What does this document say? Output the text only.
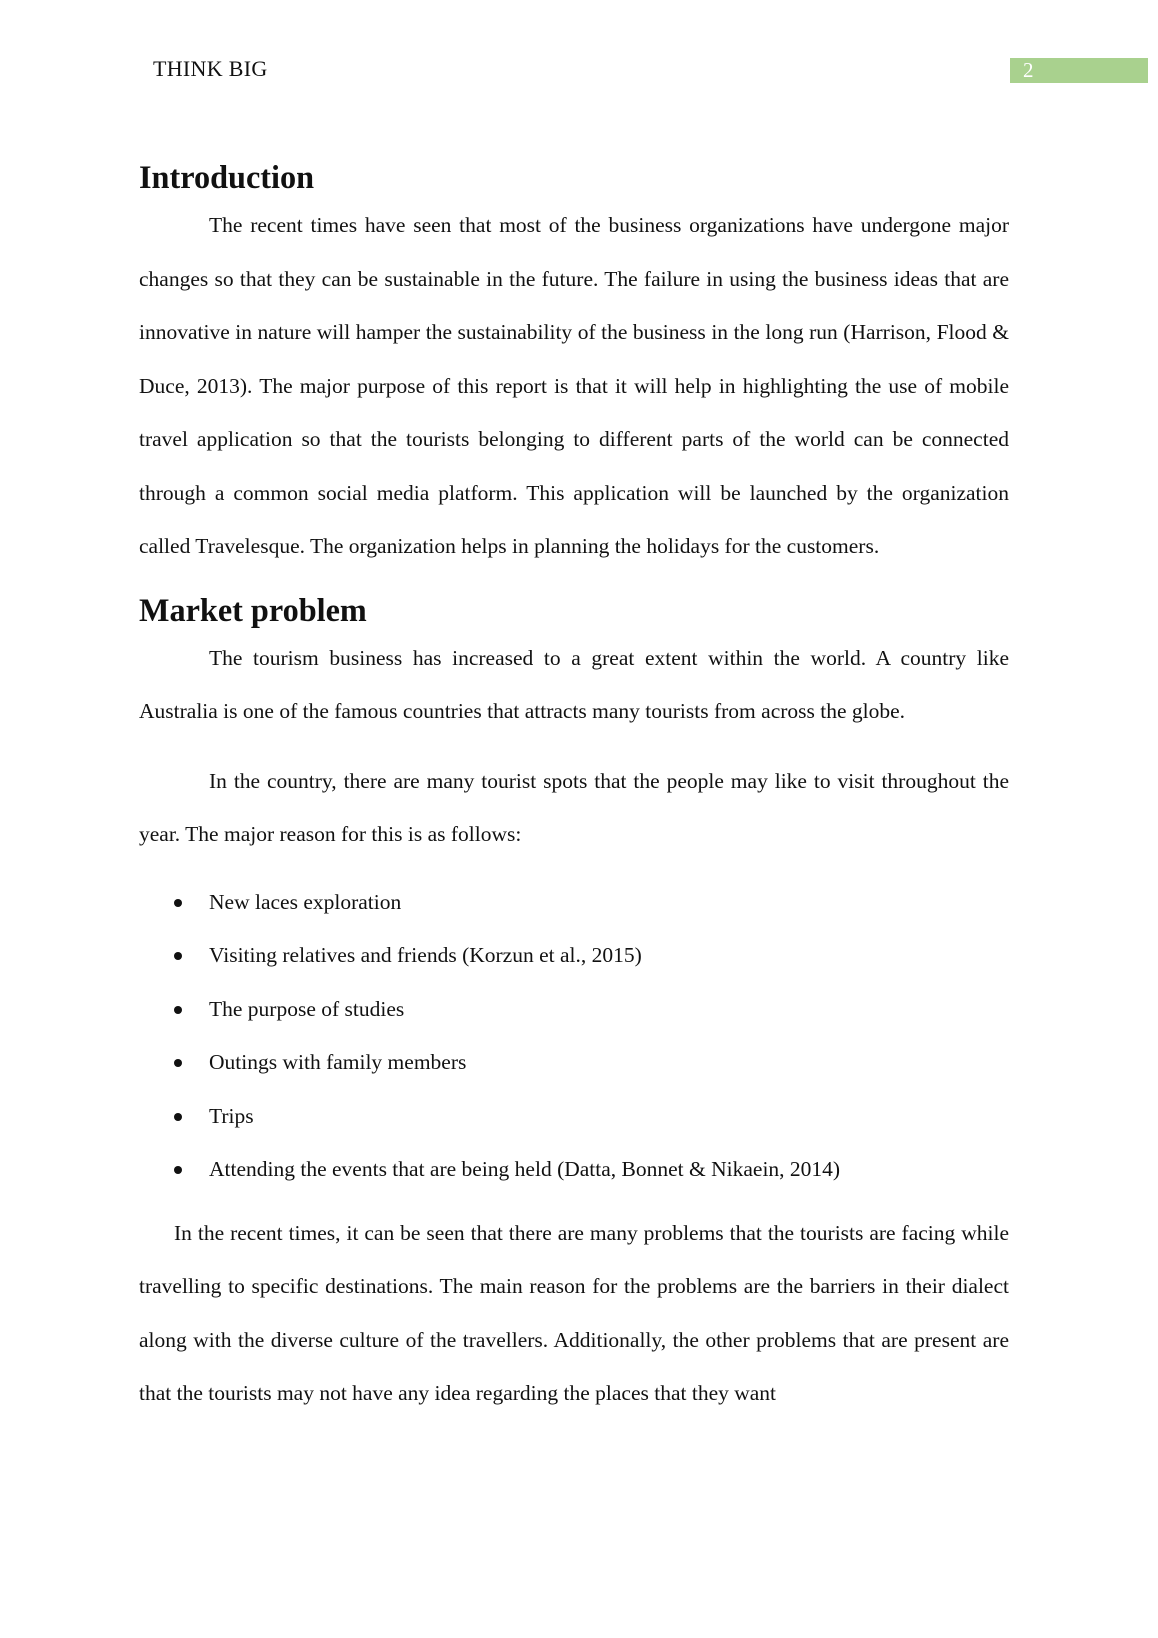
THINK BIG	2
Introduction

The recent times have seen that most of the business organizations have undergone major changes so that they can be sustainable in the future. The failure in using the business ideas that are innovative in nature will hamper the sustainability of the business in the long run (Harrison, Flood & Duce, 2013). The major purpose of this report is that it will help in highlighting the use of mobile travel application so that the tourists belonging to different parts of the world can be connected through a common social media platform. This application will be launched by the organization called Travelesque. The organization helps in planning the holidays for the customers.

Market problem

The tourism business has increased to a great extent within the world. A country like Australia is one of the famous countries that attracts many tourists from across the globe.

In the country, there are many tourist spots that the people may like to visit throughout the year. The major reason for this is as follows:

New laces exploration
Visiting relatives and friends (Korzun et al., 2015)
The purpose of studies
Outings with family members
Trips
Attending the events that are being held (Datta, Bonnet & Nikaein, 2014)

In the recent times, it can be seen that there are many problems that the tourists are facing while travelling to specific destinations. The main reason for the problems are the barriers in their dialect along with the diverse culture of the travellers. Additionally, the other problems that are present are that the tourists may not have any idea regarding the places that they want
